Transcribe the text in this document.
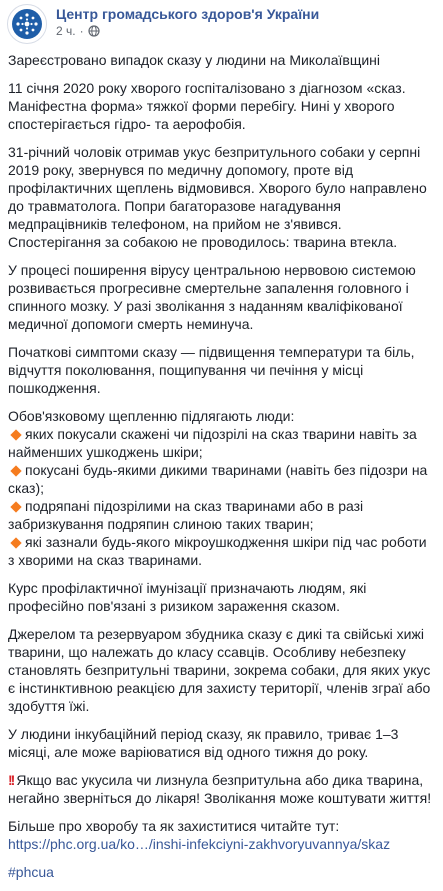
Центр громадського здоров'я України
2 ч. ·

Зареєстровано випадок сказу у людини на Миколаївщині

11 січня 2020 року хворого госпіталізовано з діагнозом «сказ. Маніфестна форма» тяжкої форми перебігу. Нині у хворого спостерігається гідро- та аерофобія.

31-річний чоловік отримав укус безпритульного собаки у серпні 2019 року, звернувся по медичну допомогу, проте від профілактичних щеплень відмовився. Хворого було направлено до травматолога. Попри багаторазове нагадування медпрацівників телефоном, на прийом не з'явився. Спостерігання за собакою не проводилось: тварина втекла.

У процесі поширення вірусу центральною нервовою системою розвивається прогресивне смертельне запалення головного і спинного мозку. У разі зволікання з наданням кваліфікованої медичної допомоги смерть неминуча.

Початкові симптоми сказу — підвищення температури та біль, відчуття поколювання, пощипування чи печіння у місці пошкодження.

Обов'язковому щепленню підлягають люди:
яких покусали скажені чи підозрілі на сказ тварини навіть за найменших ушкоджень шкіри;
покусані будь-якими дикими тваринами (навіть без підозри на сказ);
подряпані підозрілими на сказ тваринами або в разі забризкування подряпин слиною таких тварин;
які зазнали будь-якого мікроушкодження шкіри під час роботи з хворими на сказ тваринами.

Курс профілактичної імунізації призначають людям, які професійно пов'язані з ризиком зараження сказом.

Джерелом та резервуаром збудника сказу є дикі та свійські хижі тварини, що належать до класу ссавців. Особливу небезпеку становлять безпритульні тварини, зокрема собаки, для яких укус є інстинктивною реакцією для захисту території, членів зграї або здобуття їжі.

У людини інкубаційний період сказу, як правило, триває 1–3 місяці, але може варіюватися від одного тижня до року.

!! Якщо вас укусила чи лизнула безпритульна або дика тварина, негайно зверніться до лікаря! Зволікання може коштувати життя!

Більше про хворобу та як захиститися читайте тут:
https://phc.org.ua/ko…/inshi-infekciyni-zakhvoryuvannya/skaz

#phcua
